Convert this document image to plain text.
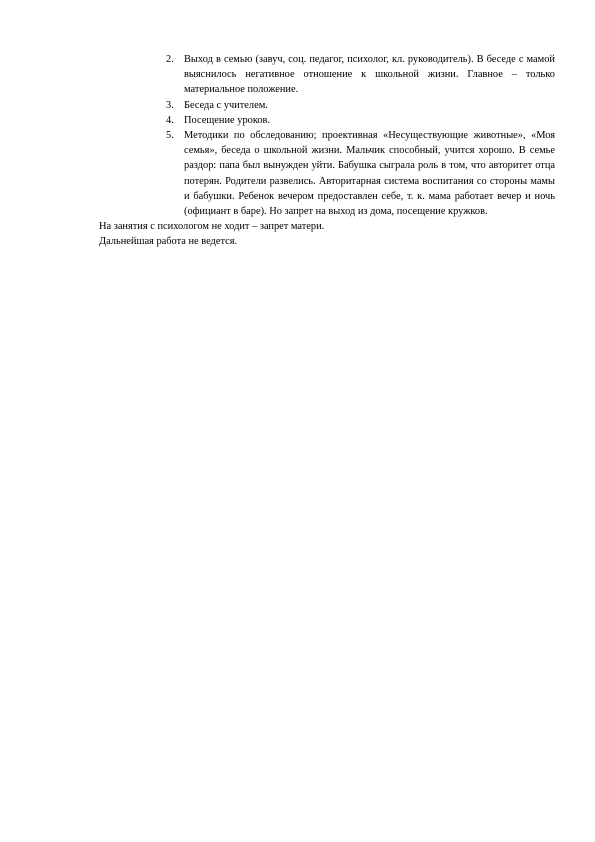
2. Выход в семью (завуч, соц. педагог, психолог, кл. руководитель). В беседе с мамой выяснилось негативное отношение к школьной жизни. Главное – только материальное положение.
3. Беседа с учителем.
4. Посещение уроков.
5. Методики по обследованию; проективная «Несуществующие животные», «Моя семья», беседа о школьной жизни. Мальчик способный, учится хорошо. В семье раздор: папа был вынужден уйти. Бабушка сыграла роль в том, что авторитет отца потерян. Родители развелись. Авторитарная система воспитания со стороны мамы и бабушки. Ребенок вечером предоставлен себе, т. к. мама работает вечер и ночь (официант в баре). Но запрет на выход из дома, посещение кружков.

На занятия с психологом не ходит – запрет матери.

Дальнейшая работа не ведется.
